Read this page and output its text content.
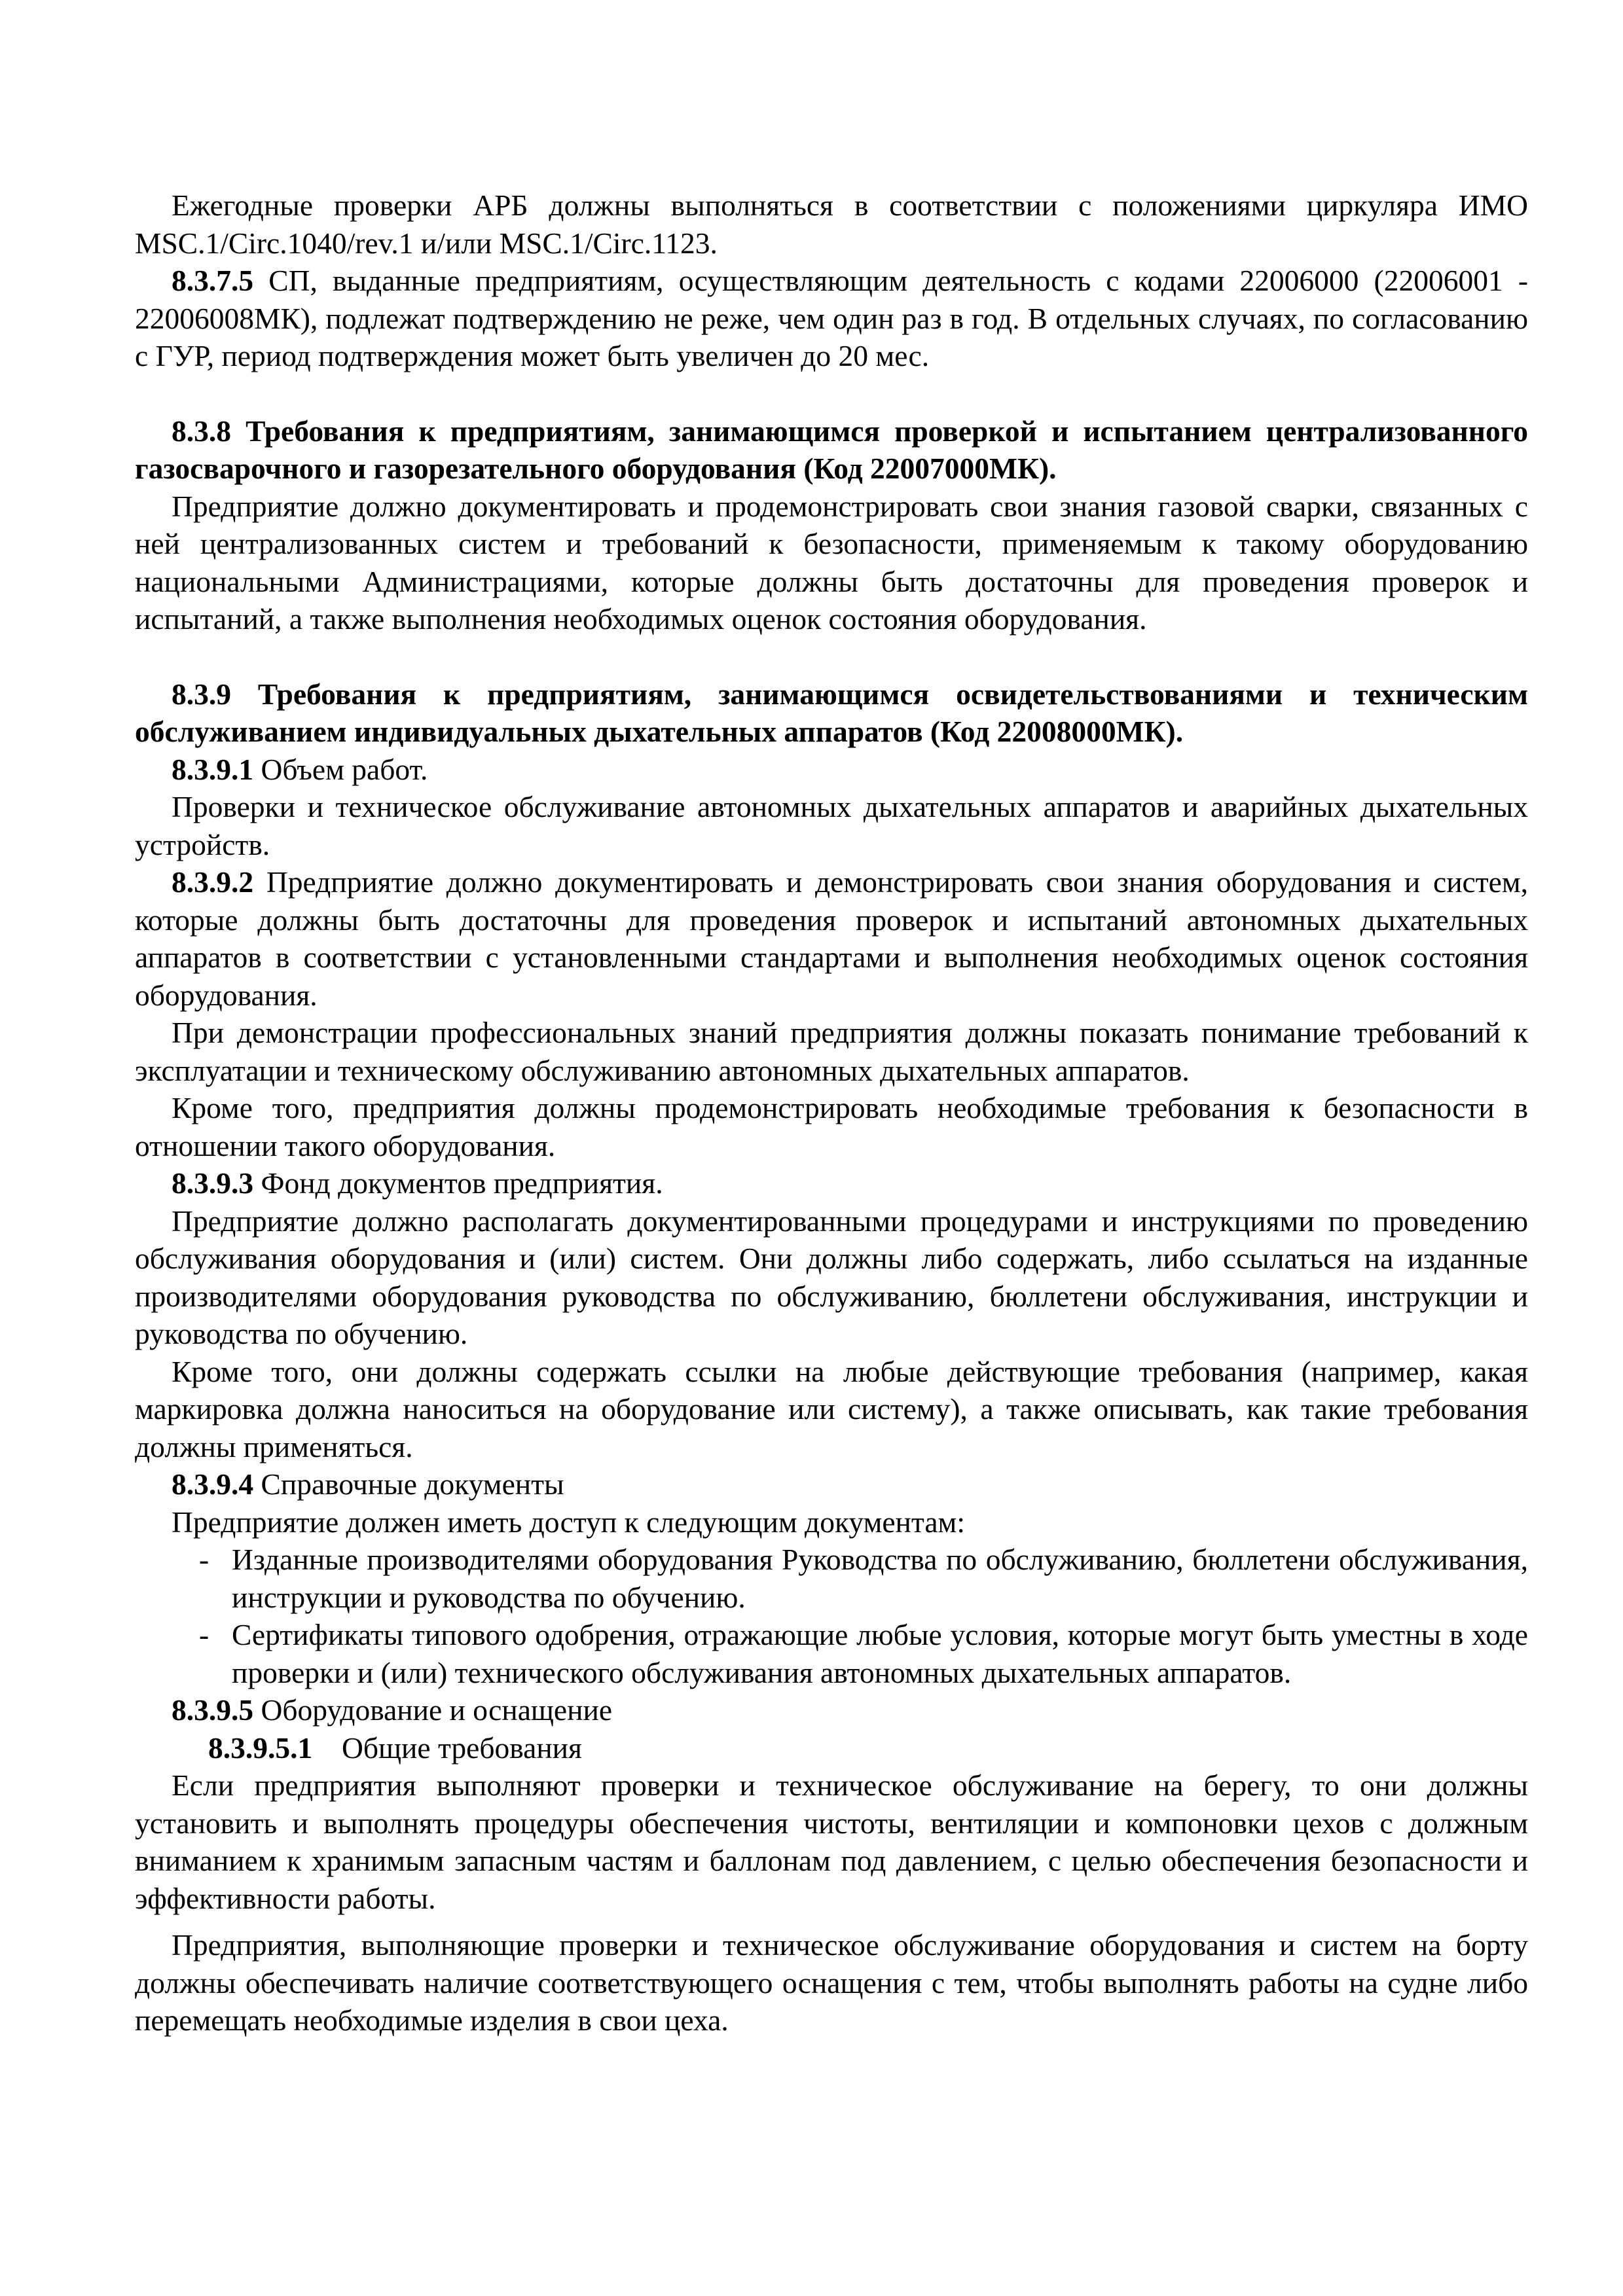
Ежегодные проверки АРБ должны выполняться в соответствии с положениями циркуляра ИМО MSC.1/Circ.1040/rev.1 и/или MSC.1/Circ.1123.

8.3.7.5 СП, выданные предприятиям, осуществляющим деятельность с кодами 22006000 (22006001 - 22006008МК), подлежат подтверждению не реже, чем один раз в год. В отдельных случаях, по согласованию с ГУР, период подтверждения может быть увеличен до 20 мес.

8.3.8 Требования к предприятиям, занимающимся проверкой и испытанием централизованного газосварочного и газорезательного оборудования (Код 22007000МК).

Предприятие должно документировать и продемонстрировать свои знания газовой сварки, связанных с ней централизованных систем и требований к безопасности, применяемым к такому оборудованию национальными Администрациями, которые должны быть достаточны для проведения проверок и испытаний, а также выполнения необходимых оценок состояния оборудования.

8.3.9 Требования к предприятиям, занимающимся освидетельствованиями и техническим обслуживанием индивидуальных дыхательных аппаратов (Код 22008000МК).

8.3.9.1 Объем работ.

Проверки и техническое обслуживание автономных дыхательных аппаратов и аварийных дыхательных устройств.

8.3.9.2 Предприятие должно документировать и демонстрировать свои знания оборудования и систем, которые должны быть достаточны для проведения проверок и испытаний автономных дыхательных аппаратов в соответствии с установленными стандартами и выполнения необходимых оценок состояния оборудования.

При демонстрации профессиональных знаний предприятия должны показать понимание требований к эксплуатации и техническому обслуживанию автономных дыхательных аппаратов.

Кроме того, предприятия должны продемонстрировать необходимые требования к безопасности в отношении такого оборудования.

8.3.9.3 Фонд документов предприятия.

Предприятие должно располагать документированными процедурами и инструкциями по проведению обслуживания оборудования и (или) систем. Они должны либо содержать, либо ссылаться на изданные производителями оборудования руководства по обслуживанию, бюллетени обслуживания, инструкции и руководства по обучению.

Кроме того, они должны содержать ссылки на любые действующие требования (например, какая маркировка должна наноситься на оборудование или систему), а также описывать, как такие требования должны применяться.

8.3.9.4 Справочные документы

Предприятие должен иметь доступ к следующим документам:

- Изданные производителями оборудования Руководства по обслуживанию, бюллетени обслуживания, инструкции и руководства по обучению.

- Сертификаты типового одобрения, отражающие любые условия, которые могут быть уместны в ходе проверки и (или) технического обслуживания автономных дыхательных аппаратов.

8.3.9.5 Оборудование и оснащение

8.3.9.5.1 Общие требования

Если предприятия выполняют проверки и техническое обслуживание на берегу, то они должны установить и выполнять процедуры обеспечения чистоты, вентиляции и компоновки цехов с должным вниманием к хранимым запасным частям и баллонам под давлением, с целью обеспечения безопасности и эффективности работы.

Предприятия, выполняющие проверки и техническое обслуживание оборудования и систем на борту должны обеспечивать наличие соответствующего оснащения с тем, чтобы выполнять работы на судне либо перемещать необходимые изделия в свои цеха.
